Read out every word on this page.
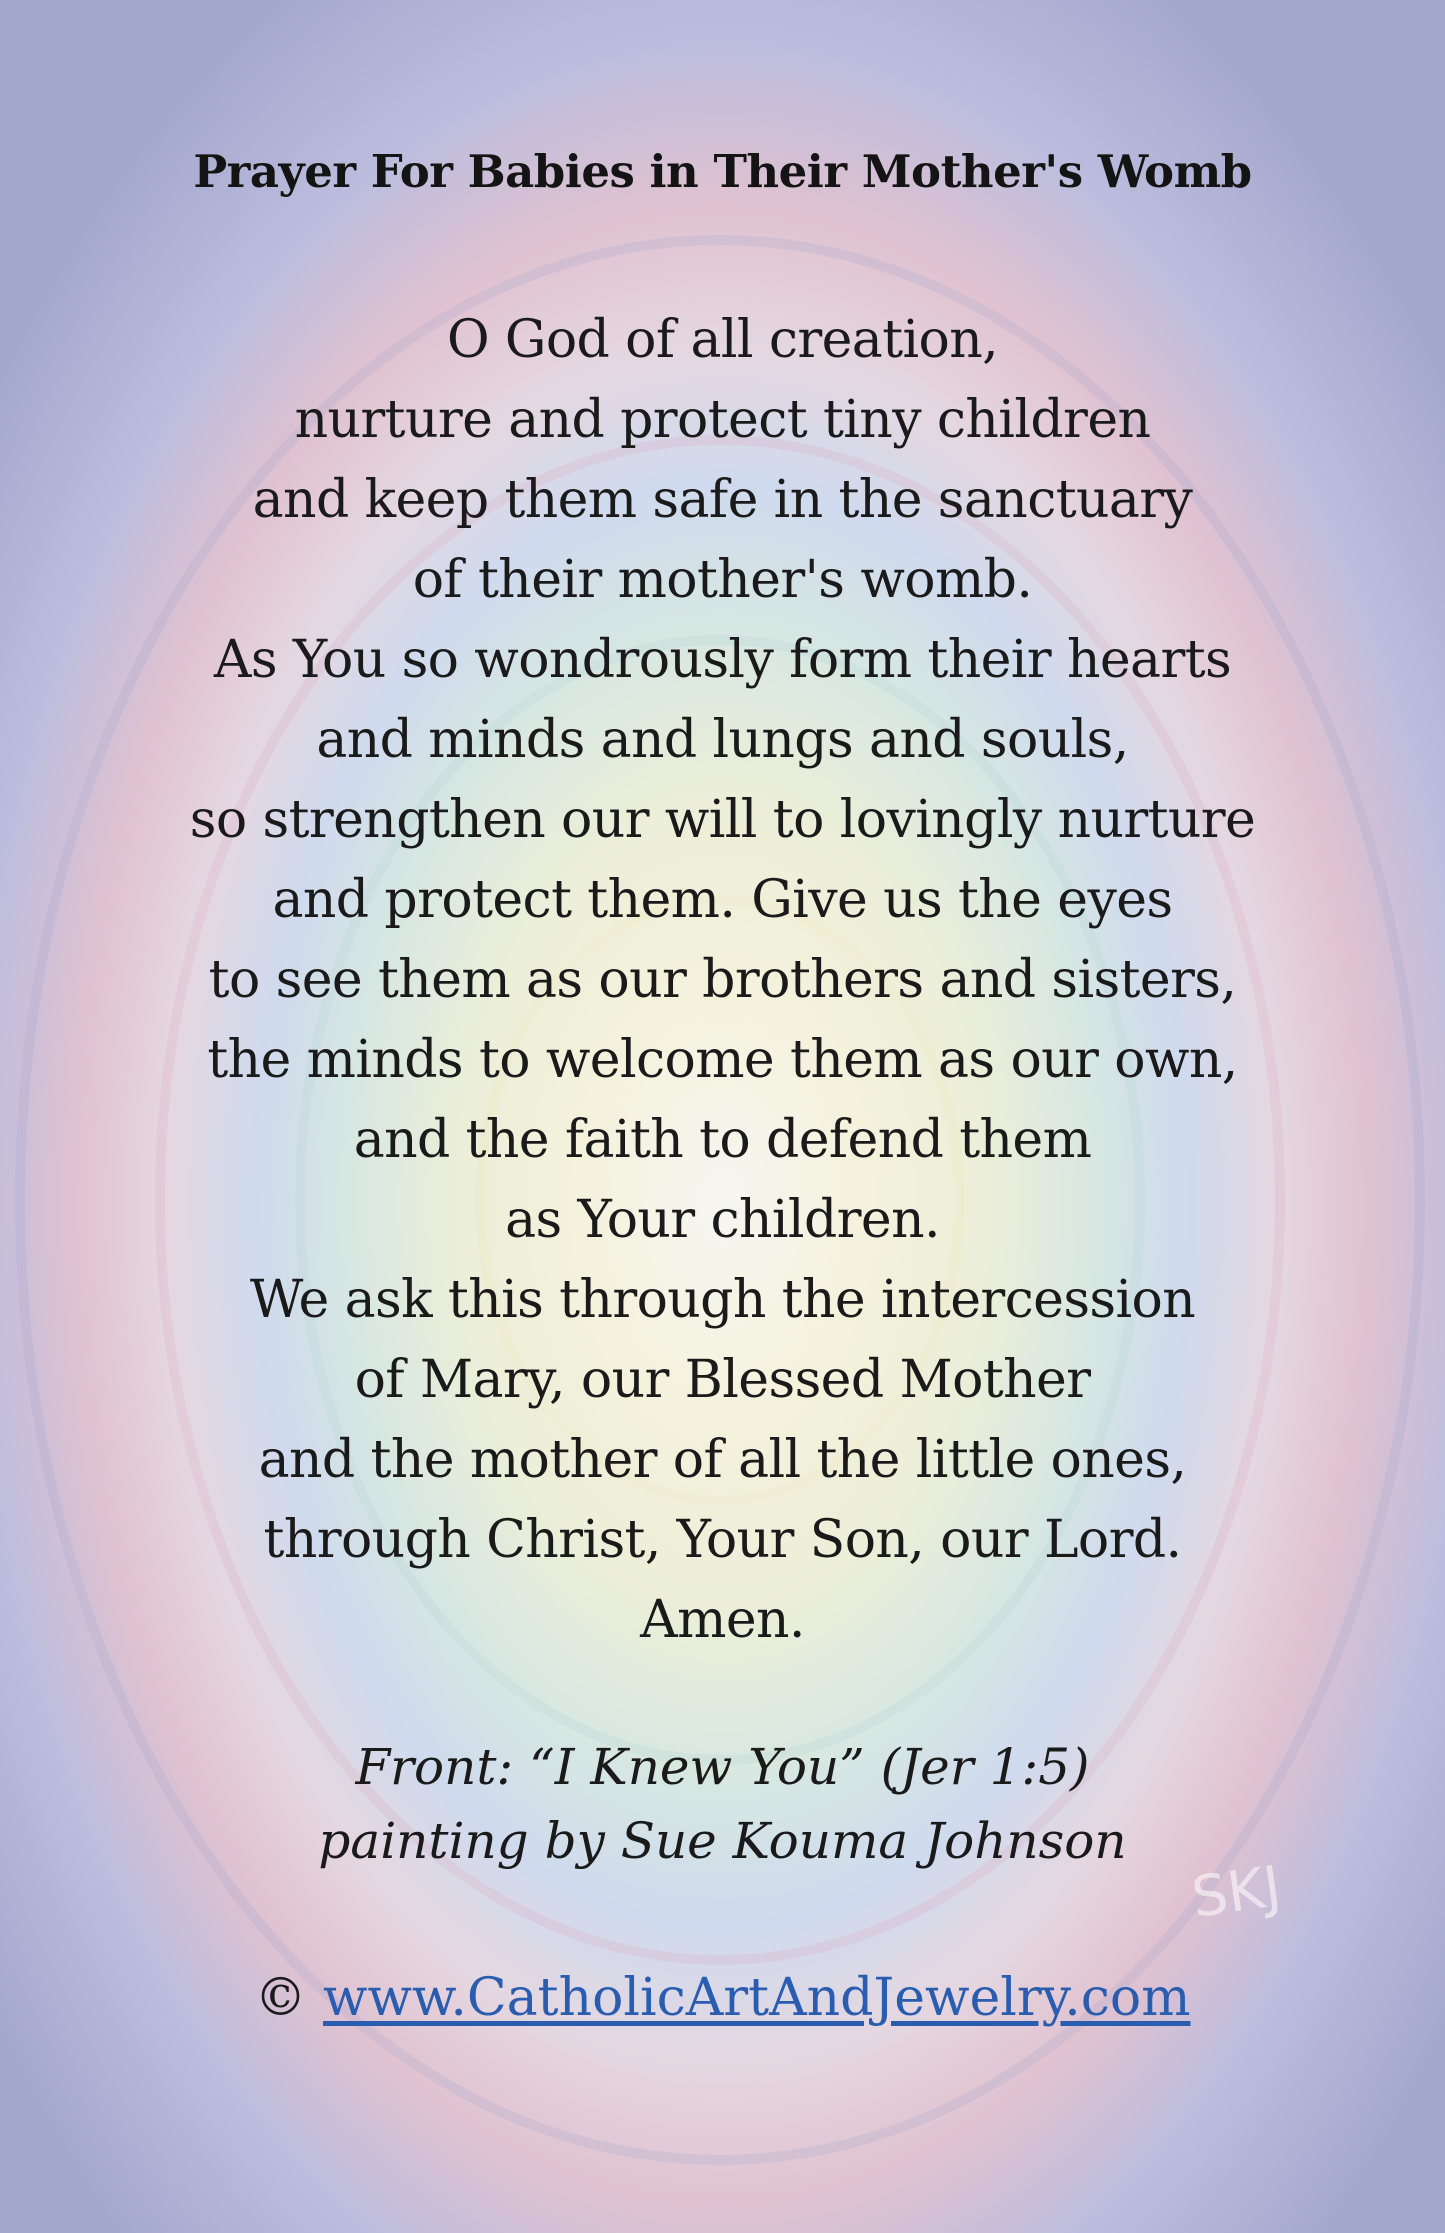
SKJ
Prayer For Babies in Their Mother's Womb
O God of all creation,
nurture and protect tiny children
and keep them safe in the sanctuary
of their mother's womb.
As You so wondrously form their hearts
and minds and lungs and souls,
so strengthen our will to lovingly nurture
and protect them. Give us the eyes
to see them as our brothers and sisters,
the minds to welcome them as our own,
and the faith to defend them
as Your children.
We ask this through the intercession
of Mary, our Blessed Mother
and the mother of all the little ones,
through Christ, Your Son, our Lord.
Amen.
Front: “I Knew You” (Jer 1:5)
painting by Sue Kouma Johnson
© www.CatholicArtAndJewelry.com
